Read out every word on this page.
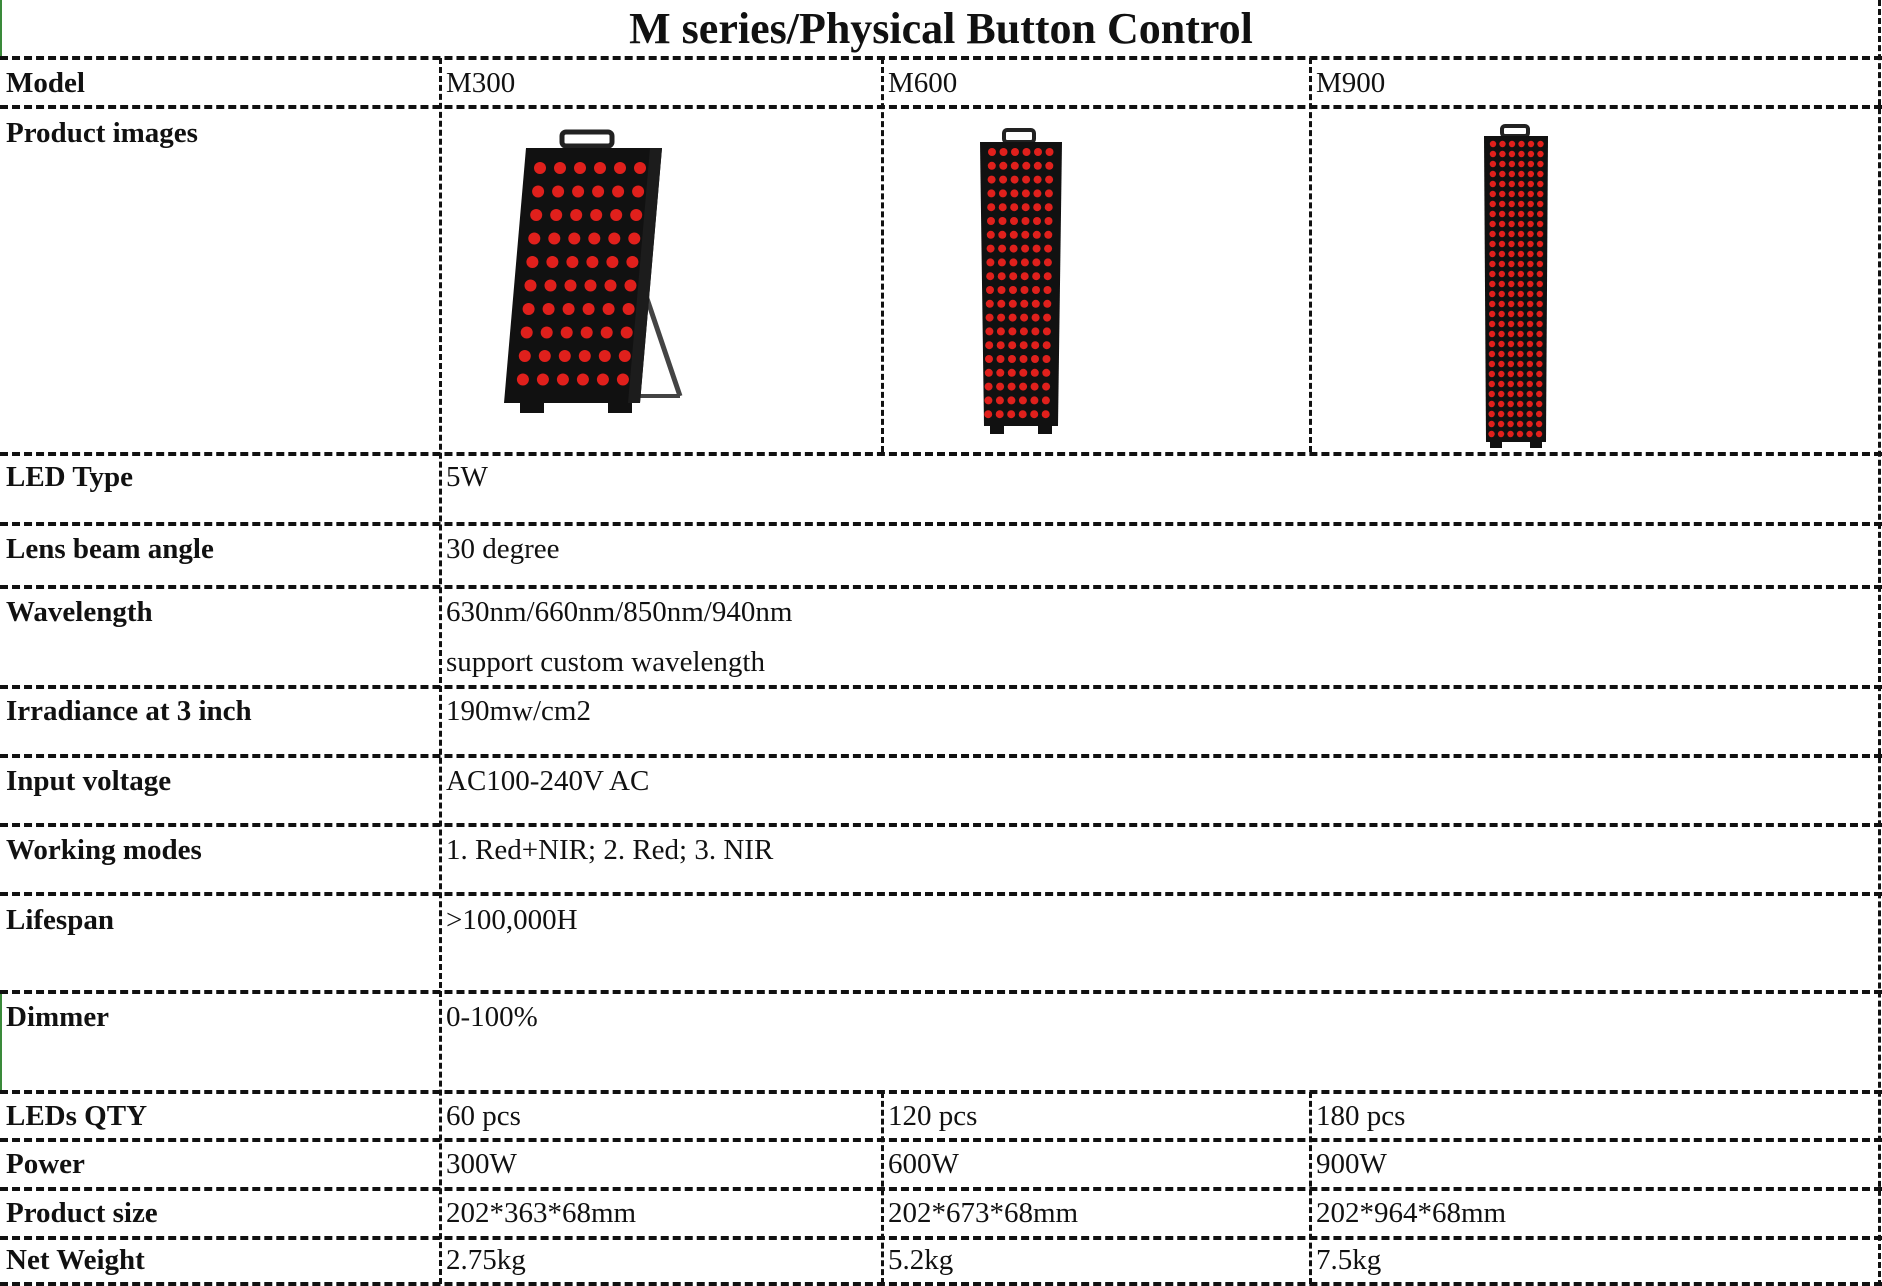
M series/Physical Button Control
Model	M300	M600	M900
Product images
LED Type	5W
Lens beam angle	30 degree
Wavelength	630nm/660nm/850nm/940nm
support custom wavelength
Irradiance at 3 inch	190mw/cm2
Input voltage	AC100-240V AC
Working modes	1. Red+NIR; 2. Red; 3. NIR
Lifespan	>100,000H
Dimmer	0-100%
LEDs QTY	60 pcs	120 pcs	180 pcs
Power	300W	600W	900W
Product size	202*363*68mm	202*673*68mm	202*964*68mm
Net Weight	2.75kg	5.2kg	7.5kg
